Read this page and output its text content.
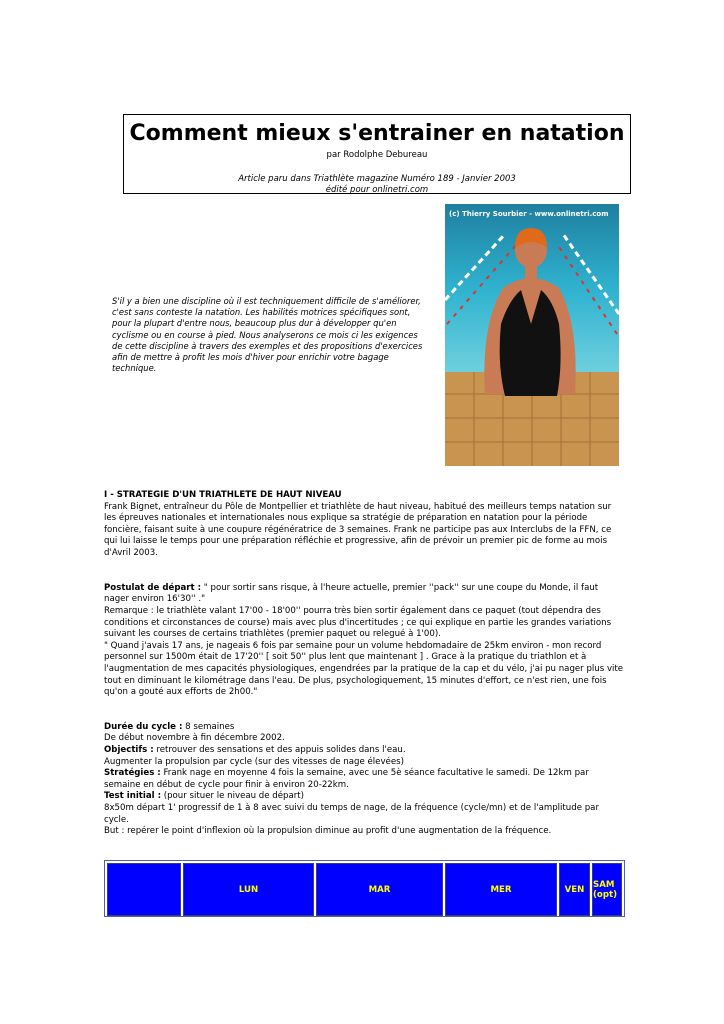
Comment mieux s'entrainer en natation
par Rodolphe Debureau
Article paru dans Triathlète magazine Numéro 189 - Janvier 2003
édité pour onlinetri.com
(c) Thierry Sourbier - www.onlinetri.com
S'il y a bien une discipline où il est techniquement difficile de s'améliorer, c'est sans conteste la natation. Les habilités motrices spécifiques sont, pour la plupart d'entre nous, beaucoup plus dur à développer qu'en cyclisme ou en course à pied. Nous analyserons ce mois ci les exigences de cette discipline à travers des exemples et des propositions d'exercices afin de mettre à profit les mois d'hiver pour enrichir votre bagage technique.

I - STRATEGIE D'UN TRIATHLETE DE HAUT NIVEAU

Frank Bignet, entraîneur du Pôle de Montpellier et triathlète de haut niveau, habitué des meilleurs temps natation sur les épreuves nationales et internationales nous explique sa stratégie de préparation en natation pour la période foncière, faisant suite à une coupure régénératrice de 3 semaines. Frank ne participe pas aux Interclubs de la FFN, ce qui lui laisse le temps pour une préparation réfléchie et progressive, afin de prévoir un premier pic de forme au mois d'Avril 2003.

Postulat de départ : " pour sortir sans risque, à l'heure actuelle, premier ''pack'' sur une coupe du Monde, il faut nager environ 16'30'' ."

Remarque : le triathlète valant 17'00 - 18'00'' pourra très bien sortir également dans ce paquet (tout dépendra des conditions et circonstances de course) mais avec plus d'incertitudes ; ce qui explique en partie les grandes variations suivant les courses de certains triathlètes (premier paquet ou relegué à 1'00).

" Quand j'avais 17 ans, je nageais 6 fois par semaine pour un volume hebdomadaire de 25km environ - mon record personnel sur 1500m était de 17'20'' [ soit 50'' plus lent que maintenant ] . Grace à la pratique du triathlon et à l'augmentation de mes capacités physiologiques, engendrées par la pratique de la cap et du vélo, j'ai pu nager plus vite tout en diminuant le kilométrage dans l'eau. De plus, psychologiquement, 15 minutes d'effort, ce n'est rien, une fois qu'on a gouté aux efforts de 2h00."

Durée du cycle : 8 semaines

De début novembre à fin décembre 2002.

Objectifs : retrouver des sensations et des appuis solides dans l'eau.

Augmenter la propulsion par cycle (sur des vitesses de nage élevées)

Stratégies : Frank nage en moyenne 4 fois la semaine, avec une 5è séance facultative le samedi. De 12km par semaine en début de cycle pour finir à environ 20-22km.

Test initial : (pour situer le niveau de départ)

8x50m départ 1' progressif de 1 à 8 avec suivi du temps de nage, de la fréquence (cycle/mn) et de l'amplitude par cycle.

But : repérer le point d'inflexion où la propulsion diminue au profit d'une augmentation de la fréquence.

LUN	MAR	MER	VEN	SAM (opt)
